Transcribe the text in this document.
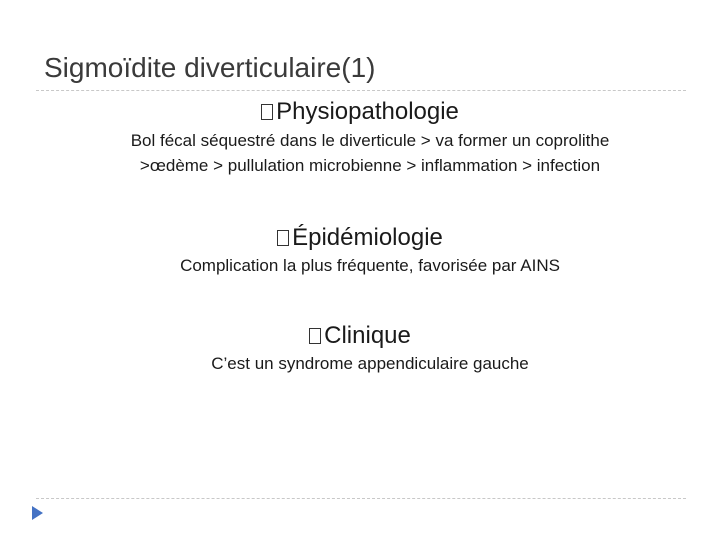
Sigmoïdite diverticulaire(1)
Physiopathologie
Bol fécal séquestré dans le diverticule > va former un coprolithe
>œdème > pullulation microbienne > inflammation > infection
Épidémiologie
Complication la plus fréquente, favorisée par AINS
Clinique
C’est un syndrome appendiculaire gauche
